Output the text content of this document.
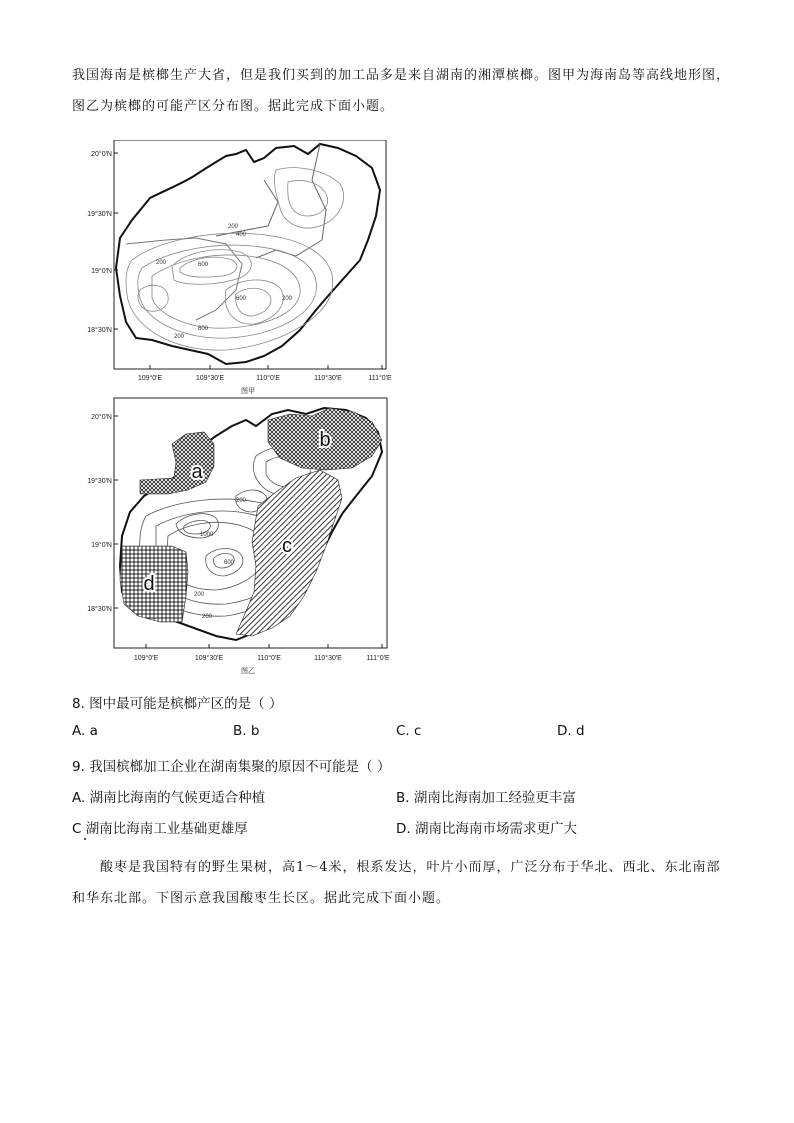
我国海南是槟榔生产大省，但是我们买到的加工品多是来自湖南的湘潭槟榔。图甲为海南岛等高线地形图，图乙为槟榔的可能产区分布图。据此完成下面小题。
200	600
400
200
600	200
600
200
20°0′N
19°30′N
19°0′N
18°30′N
109°0′E	109°30′E	110°0′E	110°30′E	111°0′E
图甲
a
b
c
d
200
1000
600
200
200
20°0′N
19°30′N
19°0′N
18°30′N
109°0′E	109°30′E	110°0′E	110°30′E	111°0′E
图乙
8. 图中最可能是槟榔产区的是（ ）
A. a	B. b	C. c	D. d
9. 我国槟榔加工企业在湖南集聚的原因不可能是（ ）
A. 湖南比海南的气候更适合种植	B. 湖南比海南加工经验更丰富
C 湖南比海南工业基础更雄厚	D. 湖南比海南市场需求更广大
酸枣是我国特有的野生果树，高1～4米，根系发达，叶片小而厚，广泛分布于华北、西北、东北南部和华东北部。下图示意我国酸枣生长区。据此完成下面小题。
